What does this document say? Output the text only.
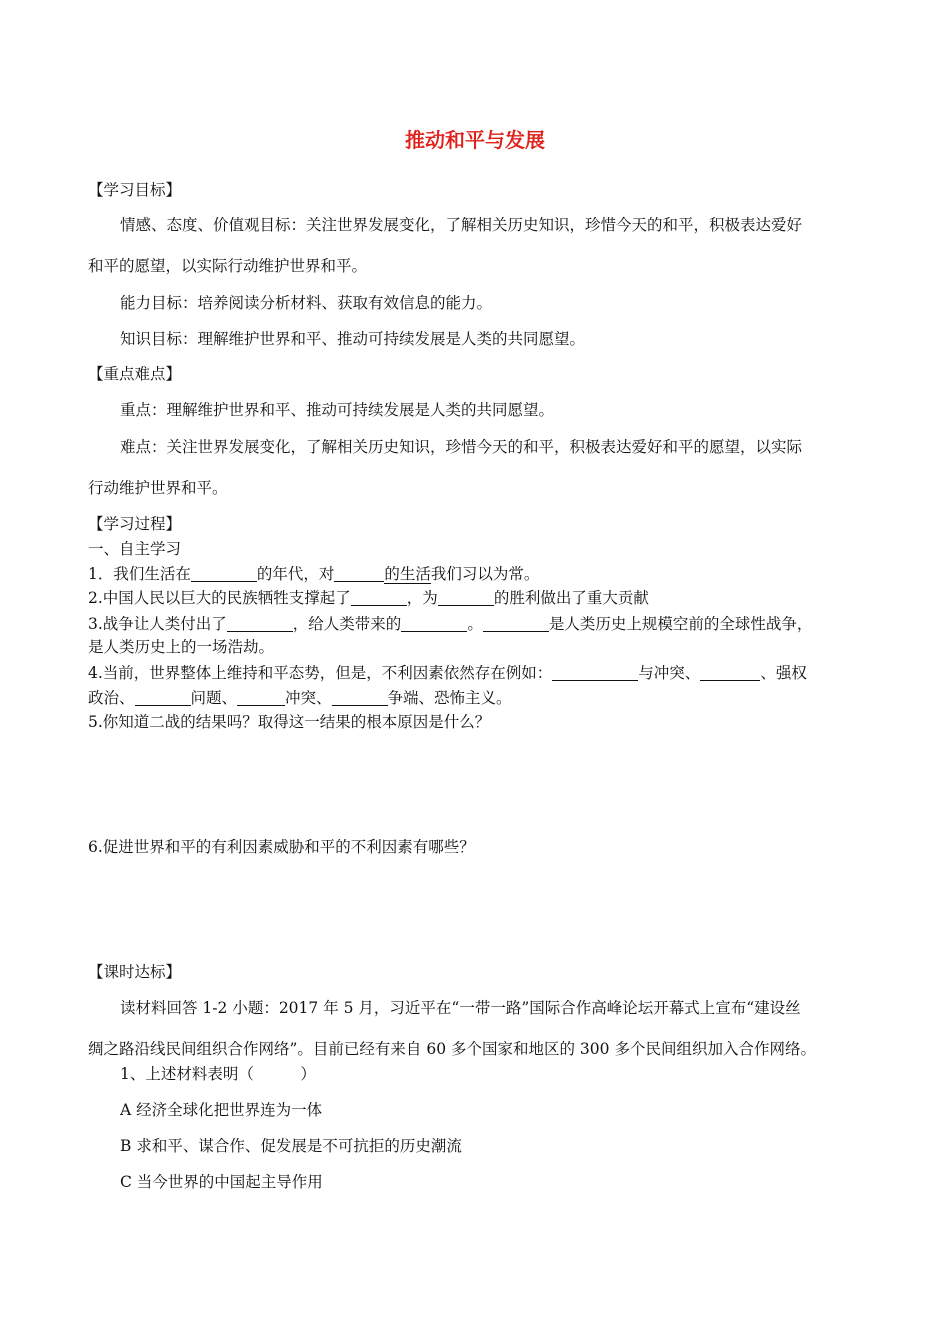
推动和平与发展
【学习目标】
情感、态度、价值观目标：关注世界发展变化，了解相关历史知识，珍惜今天的和平，积极表达爱好
和平的愿望，以实际行动维护世界和平。
能力目标：培养阅读分析材料、获取有效信息的能力。
知识目标：理解维护世界和平、推动可持续发展是人类的共同愿望。
【重点难点】
重点：理解维护世界和平、推动可持续发展是人类的共同愿望。
难点：关注世界发展变化，了解相关历史知识，珍惜今天的和平，积极表达爱好和平的愿望，以实际
行动维护世界和平。
【学习过程】
一、自主学习
1．我们生活在	的年代，对	的生活我们习以为常。
2.中国人民以巨大的民族牺牲支撑起了	，为	的胜利做出了重大贡献
3.战争让人类付出了	，给人类带来的	。	是人类历史上规模空前的全球性战争，
是人类历史上的一场浩劫。
4.当前，世界整体上维持和平态势，但是，不利因素依然存在例如：	与冲突、	、强权
政治、	问题、	冲突、	争端、恐怖主义。
5.你知道二战的结果吗？取得这一结果的根本原因是什么？
6.促进世界和平的有利因素威胁和平的不利因素有哪些？
【课时达标】
读材料回答 1-2 小题：2017 年 5 月，习近平在“一带一路”国际合作高峰论坛开幕式上宣布“建设丝
绸之路沿线民间组织合作网络”。目前已经有来自 60 多个国家和地区的 300 多个民间组织加入合作网络。
1、上述材料表明（　　　）
A 经济全球化把世界连为一体
B 求和平、谋合作、促发展是不可抗拒的历史潮流
C 当今世界的中国起主导作用
